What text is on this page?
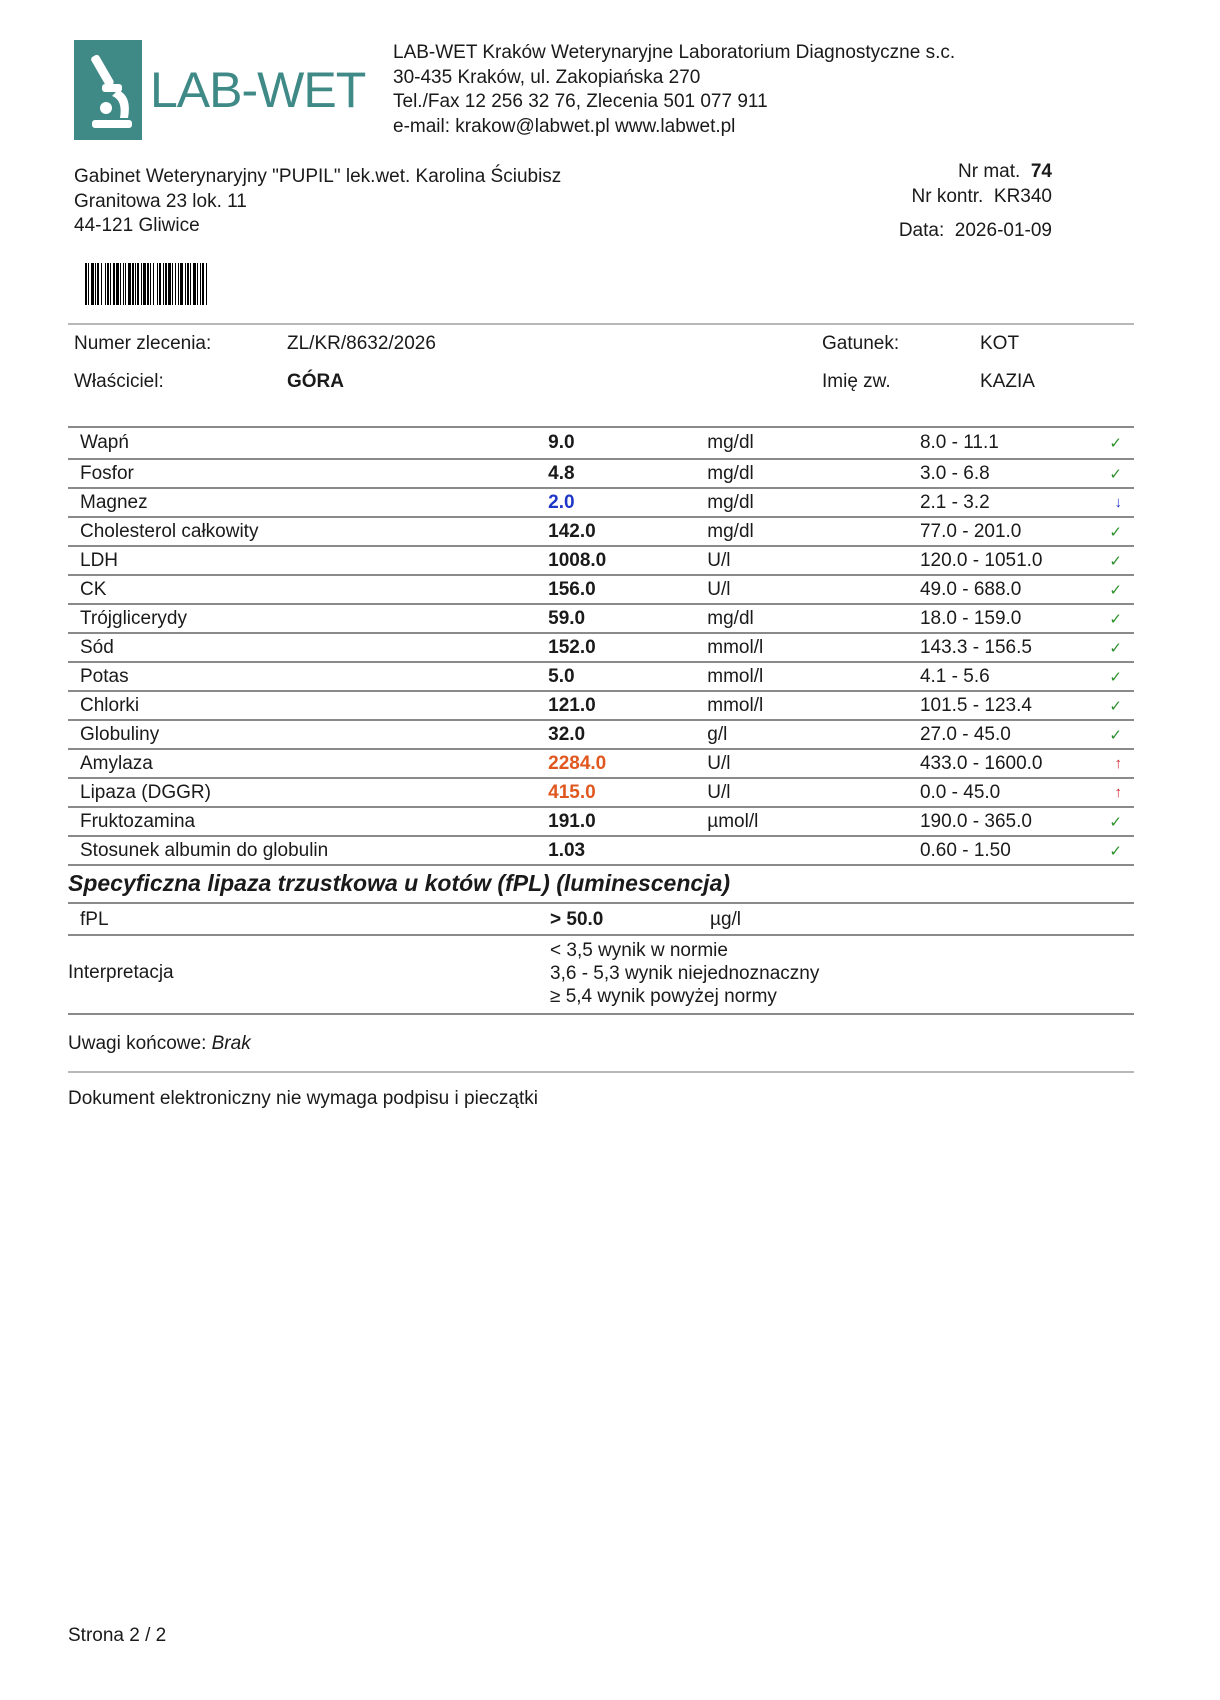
LAB-WET
LAB-WET Kraków Weterynaryjne Laboratorium Diagnostyczne s.c.
30-435 Kraków, ul. Zakopiańska 270
Tel./Fax 12 256 32 76, Zlecenia 501 077 911
e-mail: krakow@labwet.pl www.labwet.pl
Gabinet Weterynaryjny "PUPIL" lek.wet. Karolina Ściubisz
Granitowa 23 lok. 11
44-121 Gliwice
Nr mat. 74
Nr kontr. KR340
Data: 2026-01-09
Numer zlecenia:	ZL/KR/8632/2026	Gatunek:	KOT
Właściciel:	GÓRA	Imię zw.	KAZIA
Wapń	9.0	mg/dl	8.0 - 11.1	✓
Fosfor	4.8	mg/dl	3.0 - 6.8	✓
Magnez	2.0	mg/dl	2.1 - 3.2	↓
Cholesterol całkowity	142.0	mg/dl	77.0 - 201.0	✓
LDH	1008.0	U/l	120.0 - 1051.0	✓
CK	156.0	U/l	49.0 - 688.0	✓
Trójglicerydy	59.0	mg/dl	18.0 - 159.0	✓
Sód	152.0	mmol/l	143.3 - 156.5	✓
Potas	5.0	mmol/l	4.1 - 5.6	✓
Chlorki	121.0	mmol/l	101.5 - 123.4	✓
Globuliny	32.0	g/l	27.0 - 45.0	✓
Amylaza	2284.0	U/l	433.0 - 1600.0	↑
Lipaza (DGGR)	415.0	U/l	0.0 - 45.0	↑
Fruktozamina	191.0	µmol/l	190.0 - 365.0	✓
Stosunek albumin do globulin	1.03		0.60 - 1.50	✓
Specyficzna lipaza trzustkowa u kotów (fPL) (luminescencja)
fPL	> 50.0	µg/l
Interpretacja
< 3,5 wynik w normie
3,6 - 5,3 wynik niejednoznaczny
≥ 5,4 wynik powyżej normy
Uwagi końcowe: Brak
Dokument elektroniczny nie wymaga podpisu i pieczątki
Strona 2 / 2
